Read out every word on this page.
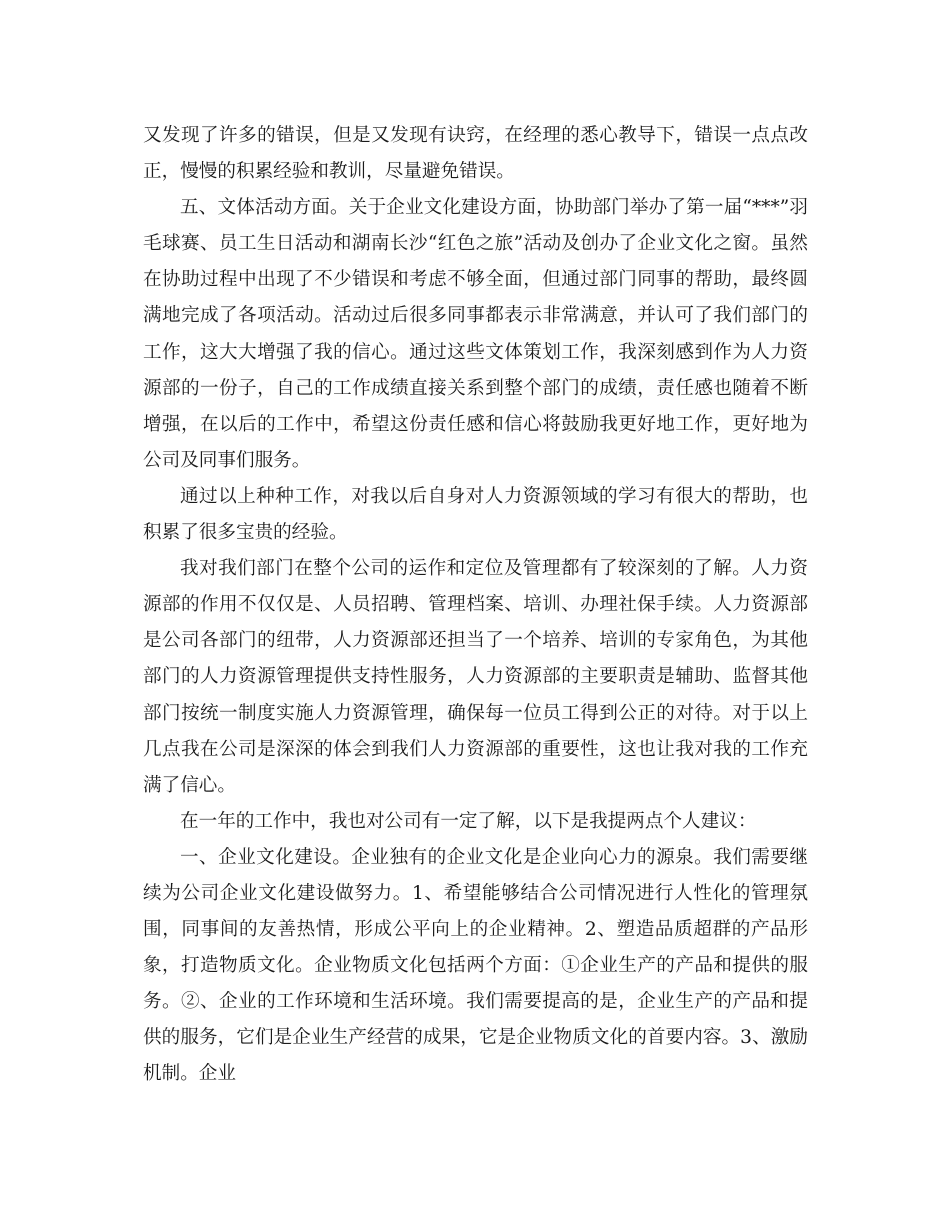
又发现了许多的错误，但是又发现有诀窍，在经理的悉心教导下，错误一点点改正，慢慢的积累经验和教训，尽量避免错误。

五、文体活动方面。关于企业文化建设方面，协助部门举办了第一届“***”羽毛球赛、员工生日活动和湖南长沙“红色之旅”活动及创办了企业文化之窗。虽然在协助过程中出现了不少错误和考虑不够全面，但通过部门同事的帮助，最终圆满地完成了各项活动。活动过后很多同事都表示非常满意，并认可了我们部门的工作，这大大增强了我的信心。通过这些文体策划工作，我深刻感到作为人力资源部的一份子，自己的工作成绩直接关系到整个部门的成绩，责任感也随着不断增强，在以后的工作中，希望这份责任感和信心将鼓励我更好地工作，更好地为公司及同事们服务。

通过以上种种工作，对我以后自身对人力资源领域的学习有很大的帮助，也积累了很多宝贵的经验。

我对我们部门在整个公司的运作和定位及管理都有了较深刻的了解。人力资源部的作用不仅仅是、人员招聘、管理档案、培训、办理社保手续。人力资源部是公司各部门的纽带，人力资源部还担当了一个培养、培训的专家角色，为其他部门的人力资源管理提供支持性服务，人力资源部的主要职责是辅助、监督其他部门按统一制度实施人力资源管理，确保每一位员工得到公正的对待。对于以上几点我在公司是深深的体会到我们人力资源部的重要性，这也让我对我的工作充满了信心。

在一年的工作中，我也对公司有一定了解，以下是我提两点个人建议：

一、企业文化建设。企业独有的企业文化是企业向心力的源泉。我们需要继续为公司企业文化建设做努力。1、希望能够结合公司情况进行人性化的管理氛围，同事间的友善热情，形成公平向上的企业精神。2、塑造品质超群的产品形象，打造物质文化。企业物质文化包括两个方面：①企业生产的产品和提供的服务。②、企业的工作环境和生活环境。我们需要提高的是，企业生产的产品和提供的服务，它们是企业生产经营的成果，它是企业物质文化的首要内容。3、激励机制。企业
